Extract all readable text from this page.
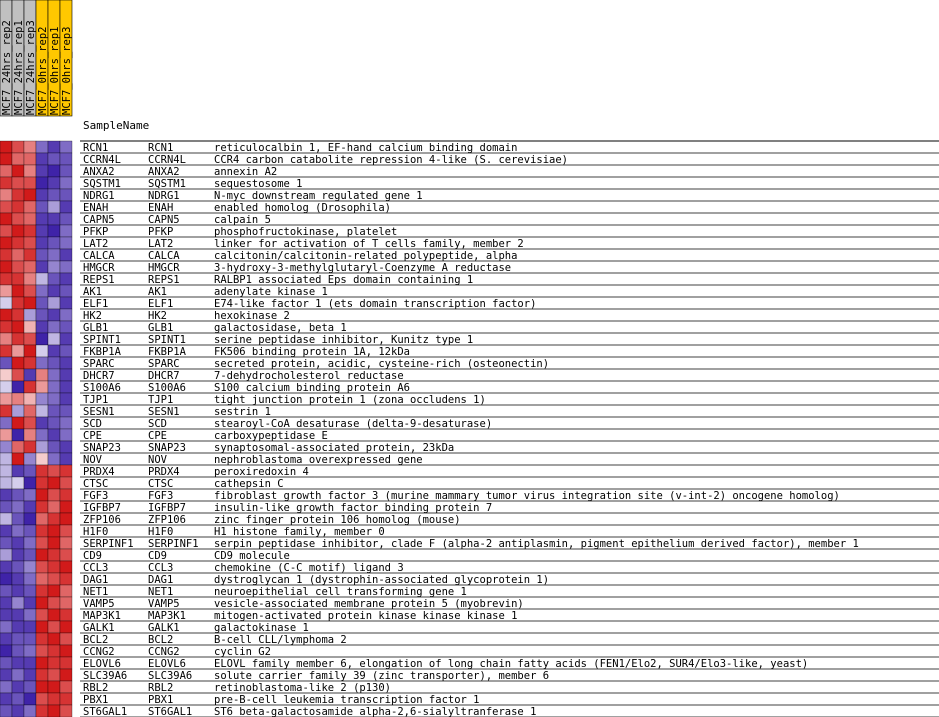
MCF7_24hrs_rep2 MCF7_24hrs_rep1 MCF7_24hrs_rep3 MCF7_0hrs_rep2 MCF7_0hrs_rep1 MCF7_0hrs_rep3
SampleName
RCN1	RCN1	reticulocalbin 1, EF-hand calcium binding domain
CCRN4L	CCRN4L	CCR4 carbon catabolite repression 4-like (S. cerevisiae)
ANXA2	ANXA2	annexin A2
SQSTM1	SQSTM1	sequestosome 1
NDRG1	NDRG1	N-myc downstream regulated gene 1
ENAH	ENAH	enabled homolog (Drosophila)
CAPN5	CAPN5	calpain 5
PFKP	PFKP	phosphofructokinase, platelet
LAT2	LAT2	linker for activation of T cells family, member 2
CALCA	CALCA	calcitonin/calcitonin-related polypeptide, alpha
HMGCR	HMGCR	3-hydroxy-3-methylglutaryl-Coenzyme A reductase
REPS1	REPS1	RALBP1 associated Eps domain containing 1
AK1	AK1	adenylate kinase 1
ELF1	ELF1	E74-like factor 1 (ets domain transcription factor)
HK2	HK2	hexokinase 2
GLB1	GLB1	galactosidase, beta 1
SPINT1	SPINT1	serine peptidase inhibitor, Kunitz type 1
FKBP1A	FKBP1A	FK506 binding protein 1A, 12kDa
SPARC	SPARC	secreted protein, acidic, cysteine-rich (osteonectin)
DHCR7	DHCR7	7-dehydrocholesterol reductase
S100A6	S100A6	S100 calcium binding protein A6
TJP1	TJP1	tight junction protein 1 (zona occludens 1)
SESN1	SESN1	sestrin 1
SCD	SCD	stearoyl-CoA desaturase (delta-9-desaturase)
CPE	CPE	carboxypeptidase E
SNAP23	SNAP23	synaptosomal-associated protein, 23kDa
NOV	NOV	nephroblastoma overexpressed gene
PRDX4	PRDX4	peroxiredoxin 4
CTSC	CTSC	cathepsin C
FGF3	FGF3	fibroblast growth factor 3 (murine mammary tumor virus integration site (v-int-2) oncogene homolog)
IGFBP7	IGFBP7	insulin-like growth factor binding protein 7
ZFP106	ZFP106	zinc finger protein 106 homolog (mouse)
H1F0	H1F0	H1 histone family, member 0
SERPINF1 SERPINF1 serpin peptidase inhibitor, clade F (alpha-2 antiplasmin, pigment epithelium derived factor), member 1
CD9	CD9	CD9 molecule
CCL3	CCL3	chemokine (C-C motif) ligand 3
DAG1	DAG1	dystroglycan 1 (dystrophin-associated glycoprotein 1)
NET1	NET1	neuroepithelial cell transforming gene 1
VAMP5	VAMP5	vesicle-associated membrane protein 5 (myobrevin)
MAP3K1	MAP3K1	mitogen-activated protein kinase kinase kinase 1
GALK1	GALK1	galactokinase 1
BCL2	BCL2	B-cell CLL/lymphoma 2
CCNG2	CCNG2	cyclin G2
ELOVL6	ELOVL6	ELOVL family member 6, elongation of long chain fatty acids (FEN1/Elo2, SUR4/Elo3-like, yeast)
SLC39A6 SLC39A6 solute carrier family 39 (zinc transporter), member 6
RBL2	RBL2	retinoblastoma-like 2 (p130)
PBX1	PBX1	pre-B-cell leukemia transcription factor 1
ST6GAL1 ST6GAL1 ST6 beta-galactosamide alpha-2,6-sialyltranferase 1
